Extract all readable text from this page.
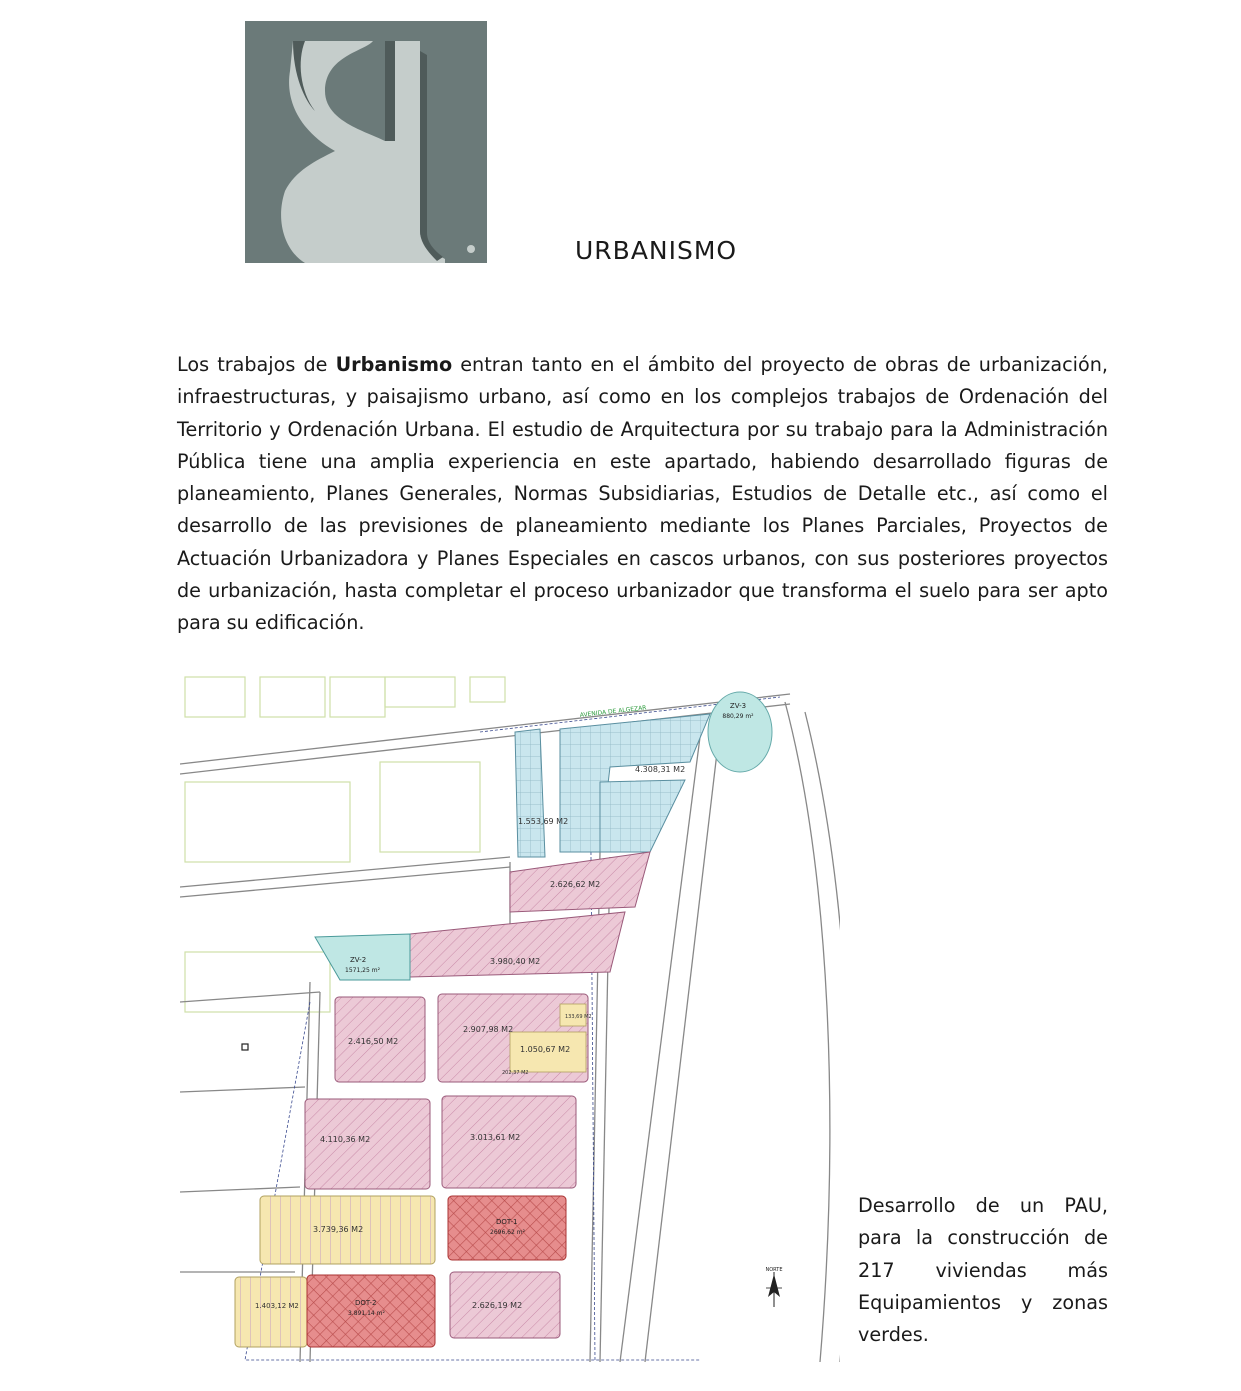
URBANISMO

Los trabajos de Urbanismo entran tanto en el ámbito del proyecto de obras de urbanización, infraestructuras, y paisajismo urbano, así como en los complejos trabajos de Ordenación del Territorio y Ordenación Urbana. El estudio de Arquitectura por su trabajo para la Administración Pública tiene una amplia experiencia en este apartado, habiendo desarrollado figuras de planeamiento, Planes Generales, Normas Subsidiarias, Estudios de Detalle etc., así como el desarrollo de las previsiones de planeamiento mediante los Planes Parciales, Proyectos de Actuación Urbanizadora y Planes Especiales en cascos urbanos, con sus posteriores proyectos de urbanización, hasta completar el proceso urbanizador que transforma el suelo para ser apto para su edificación.

ZV-3
880,29 m²
AVENIDA DE ALGEZAR
4.308,31 M2
1.553,69 M2
2.626,62 M2
3.980,40 M2
ZV-2
1571,25 m²
2.416,50 M2
2.907,98 M2
1.050,67 M2
133,69 M2
202,37 M2
4.110,36 M2	3.013,61 M2
3.739,36 M2
DOT-1
2696,62 m²
1.403,12 M2	DOT-2
3.891,14 m²
2.626,19 M2
NORTE

Desarrollo de un PAU, para la construcción de 217 viviendas más Equipamientos y zonas verdes.
